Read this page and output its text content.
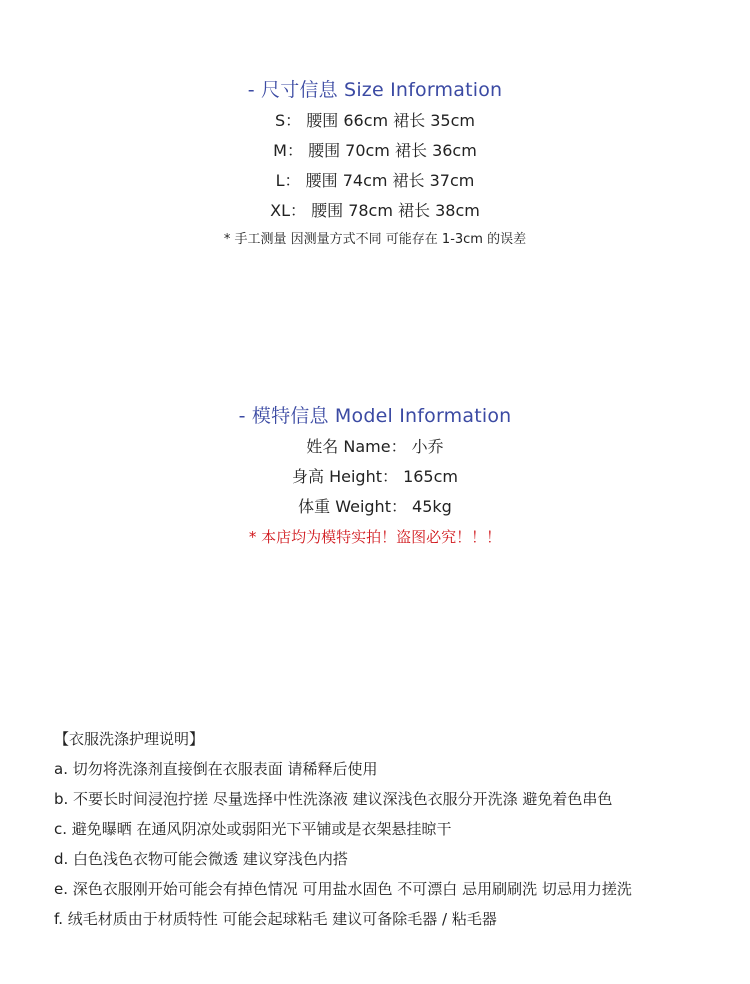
- 尺寸信息 Size Information
S： 腰围 66cm 裙长 35cm
M： 腰围 70cm 裙长 36cm
L： 腰围 74cm 裙长 37cm
XL： 腰围 78cm 裙长 38cm
* 手工测量 因测量方式不同 可能存在 1-3cm 的误差
- 模特信息 Model Information
姓名 Name： 小乔
身高 Height： 165cm
体重 Weight： 45kg
* 本店均为模特实拍！盗图必究！！！
【衣服洗涤护理说明】
a. 切勿将洗涤剂直接倒在衣服表面 请稀释后使用
b. 不要长时间浸泡拧搓 尽量选择中性洗涤液 建议深浅色衣服分开洗涤 避免着色串色
c. 避免曝晒 在通风阴凉处或弱阳光下平铺或是衣架悬挂晾干
d. 白色浅色衣物可能会微透 建议穿浅色内搭
e. 深色衣服刚开始可能会有掉色情况 可用盐水固色 不可漂白 忌用刷刷洗 切忌用力搓洗
f. 绒毛材质由于材质特性 可能会起球粘毛 建议可备除毛器 / 粘毛器
